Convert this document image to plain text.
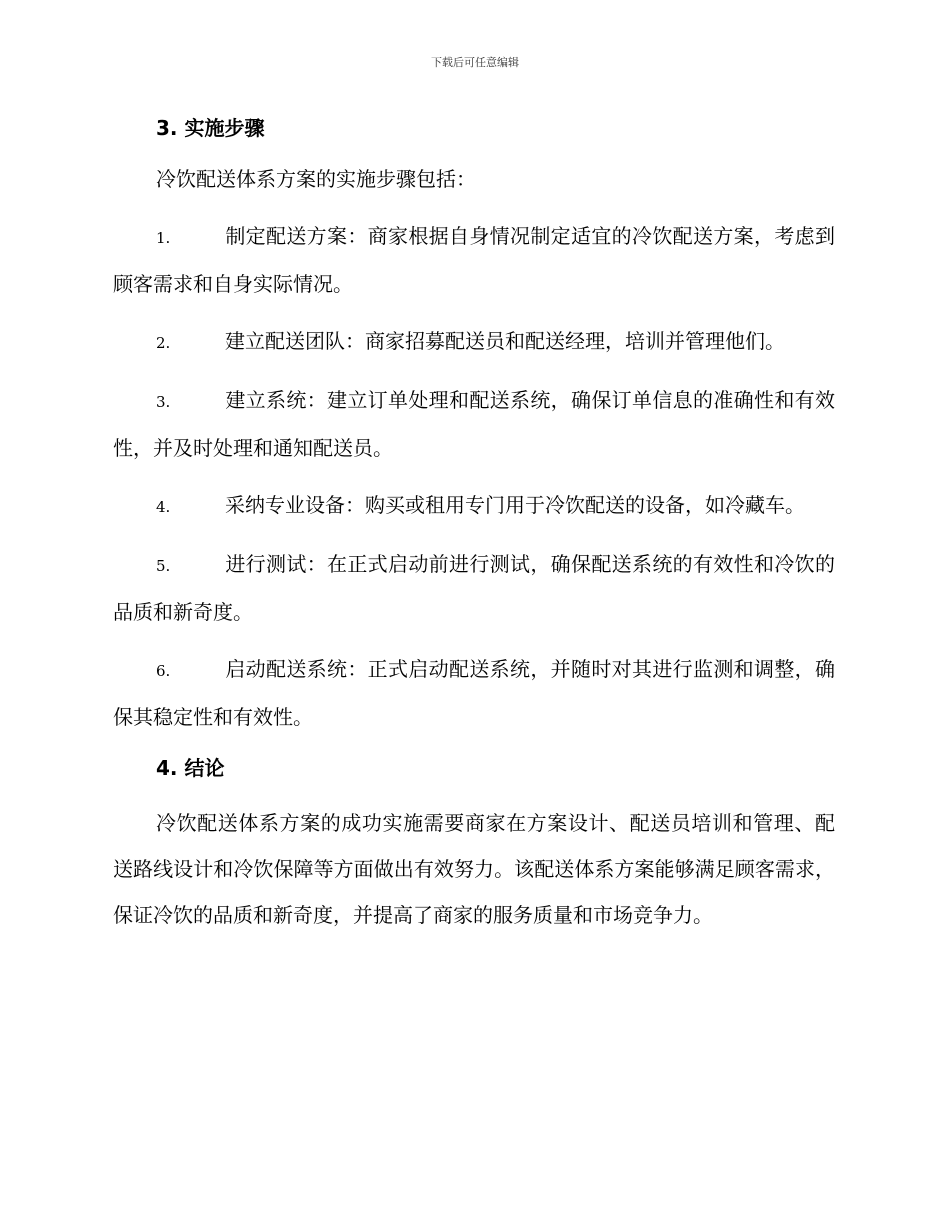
下载后可任意编辑
3. 实施步骤

冷饮配送体系方案的实施步骤包括：

1.	制定配送方案：商家根据自身情况制定适宜的冷饮配送方案，考虑到顾客需求和自身实际情况。
2.	建立配送团队：商家招募配送员和配送经理，培训并管理他们。
3.	建立系统：建立订单处理和配送系统，确保订单信息的准确性和有效性，并及时处理和通知配送员。
4.	采纳专业设备：购买或租用专门用于冷饮配送的设备，如冷藏车。
5.	进行测试：在正式启动前进行测试，确保配送系统的有效性和冷饮的品质和新奇度。
6.	启动配送系统：正式启动配送系统，并随时对其进行监测和调整，确保其稳定性和有效性。
4. 结论

冷饮配送体系方案的成功实施需要商家在方案设计、配送员培训和管理、配送路线设计和冷饮保障等方面做出有效努力。该配送体系方案能够满足顾客需求，保证冷饮的品质和新奇度，并提高了商家的服务质量和市场竞争力。
